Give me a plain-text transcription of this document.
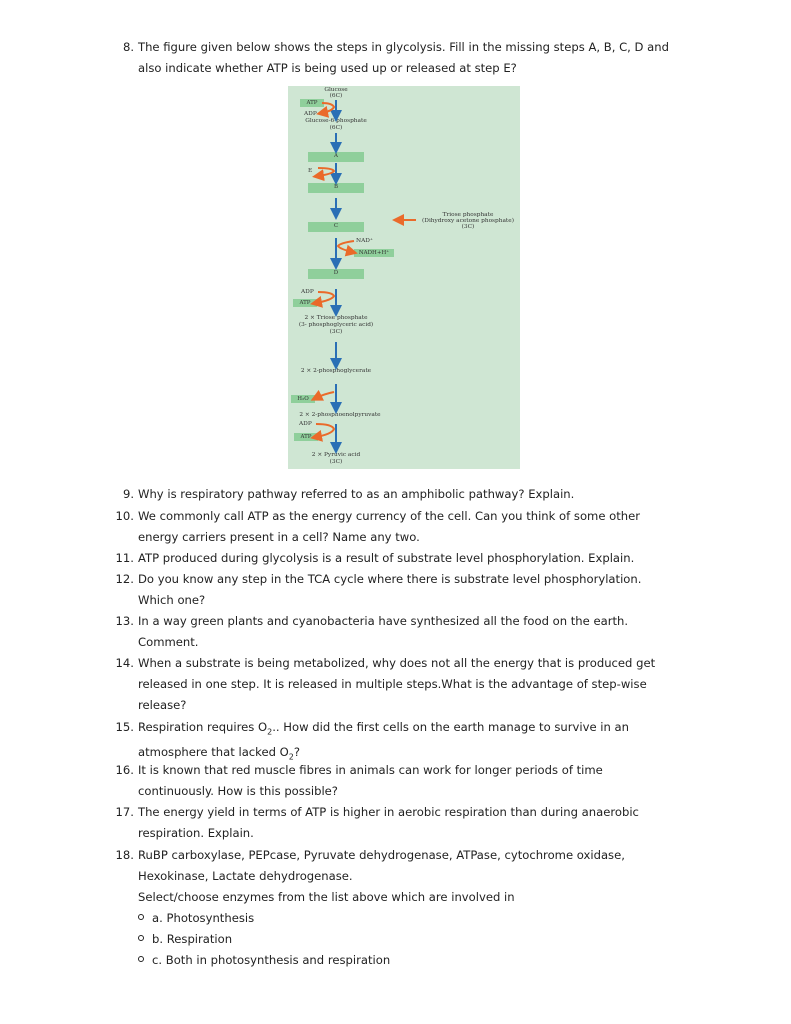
8. The figure given below shows the steps in glycolysis. Fill in the missing steps A, B, C, D and
also indicate whether ATP is being used up or released at step E?
Glucose
(6C)
ATP
ADP
Glucose-6-phosphate
(6C)
A
E
B
C
Triose phosphate
(Dihydroxy acetone phosphate)
(3C)
NAD⁺
NADH+H⁺
D
ADP
ATP
2 × Triose phosphate
(3- phosphoglyceric acid)
(3C)
2 × 2-phosphoglycerate
H₂O
2 × 2-phosphoenolpyruvate
ADP
ATP
2 × Pyruvic acid
(3C)
9. Why is respiratory pathway referred to as an amphibolic pathway? Explain.
10. We commonly call ATP as the energy currency of the cell. Can you think of some other
energy carriers present in a cell? Name any two.
11. ATP produced during glycolysis is a result of substrate level phosphorylation. Explain.
12. Do you know any step in the TCA cycle where there is substrate level phosphorylation.
Which one?
13. In a way green plants and cyanobacteria have synthesized all the food on the earth.
Comment.
14. When a substrate is being metabolized, why does not all the energy that is produced get
released in one step. It is released in multiple steps.What is the advantage of step-wise
release?
15. Respiration requires $O_2$.. How did the first cells on the earth manage to survive in an
atmosphere that lacked $O_2$?
16. It is known that red muscle fibres in animals can work for longer periods of time
continuously. How is this possible?
17. The energy yield in terms of ATP is higher in aerobic respiration than during anaerobic
respiration. Explain.
18. RuBP carboxylase, PEPcase, Pyruvate dehydrogenase, ATPase, cytochrome oxidase,
Hexokinase, Lactate dehydrogenase.
Select/choose enzymes from the list above which are involved in
a. Photosynthesis
b. Respiration
c. Both in photosynthesis and respiration
